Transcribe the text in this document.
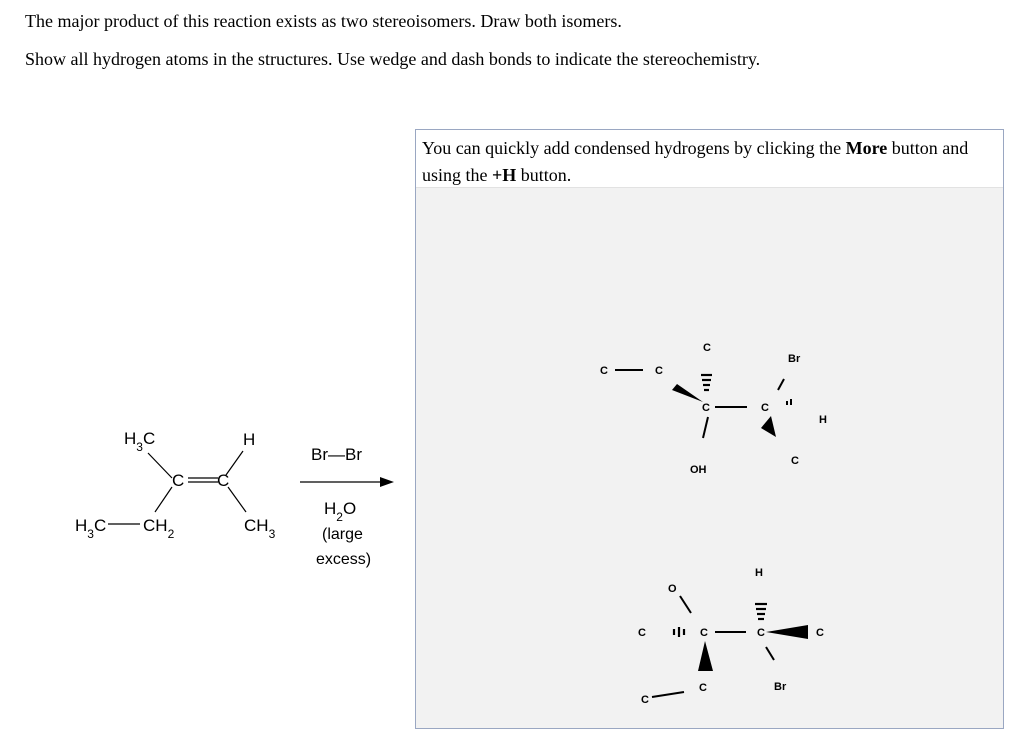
The major product of this reaction exists as two stereoisomers. Draw both isomers.
Show all hydrogen atoms in the structures. Use wedge and dash bonds to indicate the stereochemistry.
$H_3C$	H
C C
$H_3C$ $CH_2$	$CH_3$
Br—Br
$H_2O$
(large
excess)
You can quickly add condensed hydrogens by clicking the More button and using the +H button.
C	C
C
C	C
Br
H
C
OH
O
C	C	C
H
C
Br
C
C
